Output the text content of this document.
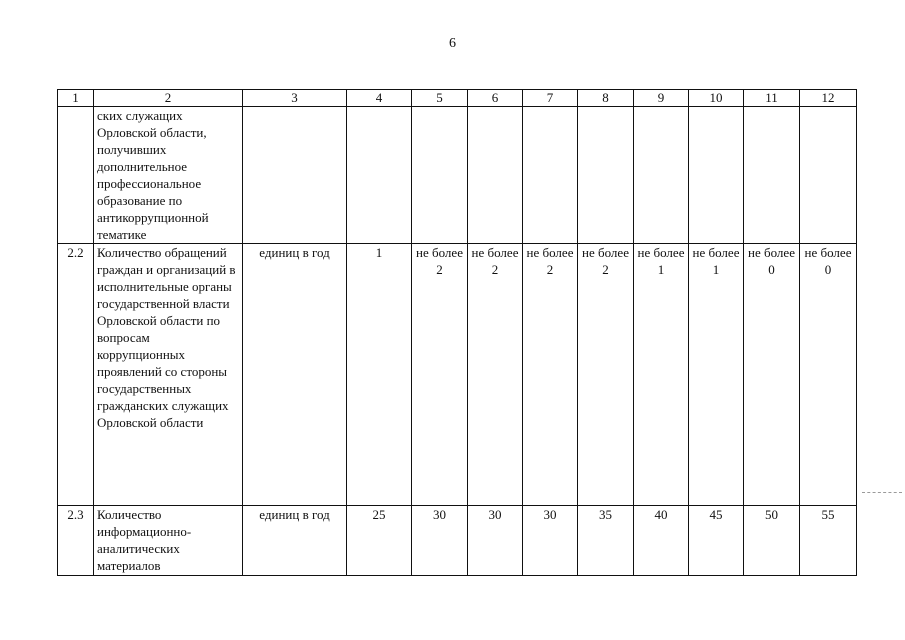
6
1	2	3	4	5	6	7	8	9	10	11	12
	ских служащих Орловской области, получивших дополнительное профессиональное образование по антикоррупционной тематике										
2.2	Количество обращений граждан и организаций в исполнительные органы государственной власти Орловской области по вопросам коррупционных проявлений со стороны государственных гражданских служащих Орловской области	единиц в год	1	не более 2	не более 2	не более 2	не более 2	не более 1	не более 1	не более 0	не более 0
2.3	Количество информационно-аналитических материалов	единиц в год	25	30	30	30	35	40	45	50	55
